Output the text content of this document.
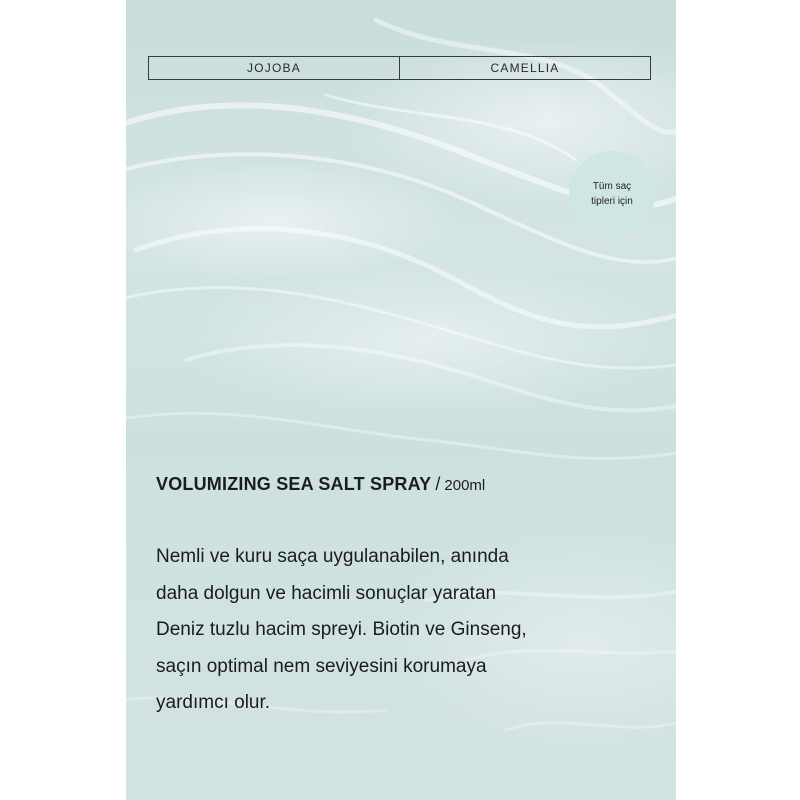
JOJOBA	CAMELLIA
Tüm saç
tipleri için
VOLUMIZING SEA SALT SPRAY / 200ml

Nemli ve kuru saça uygulanabilen, anında
daha dolgun ve hacimli sonuçlar yaratan
Deniz tuzlu hacim spreyi. Biotin ve Ginseng,
saçın optimal nem seviyesini korumaya
yardımcı olur.
